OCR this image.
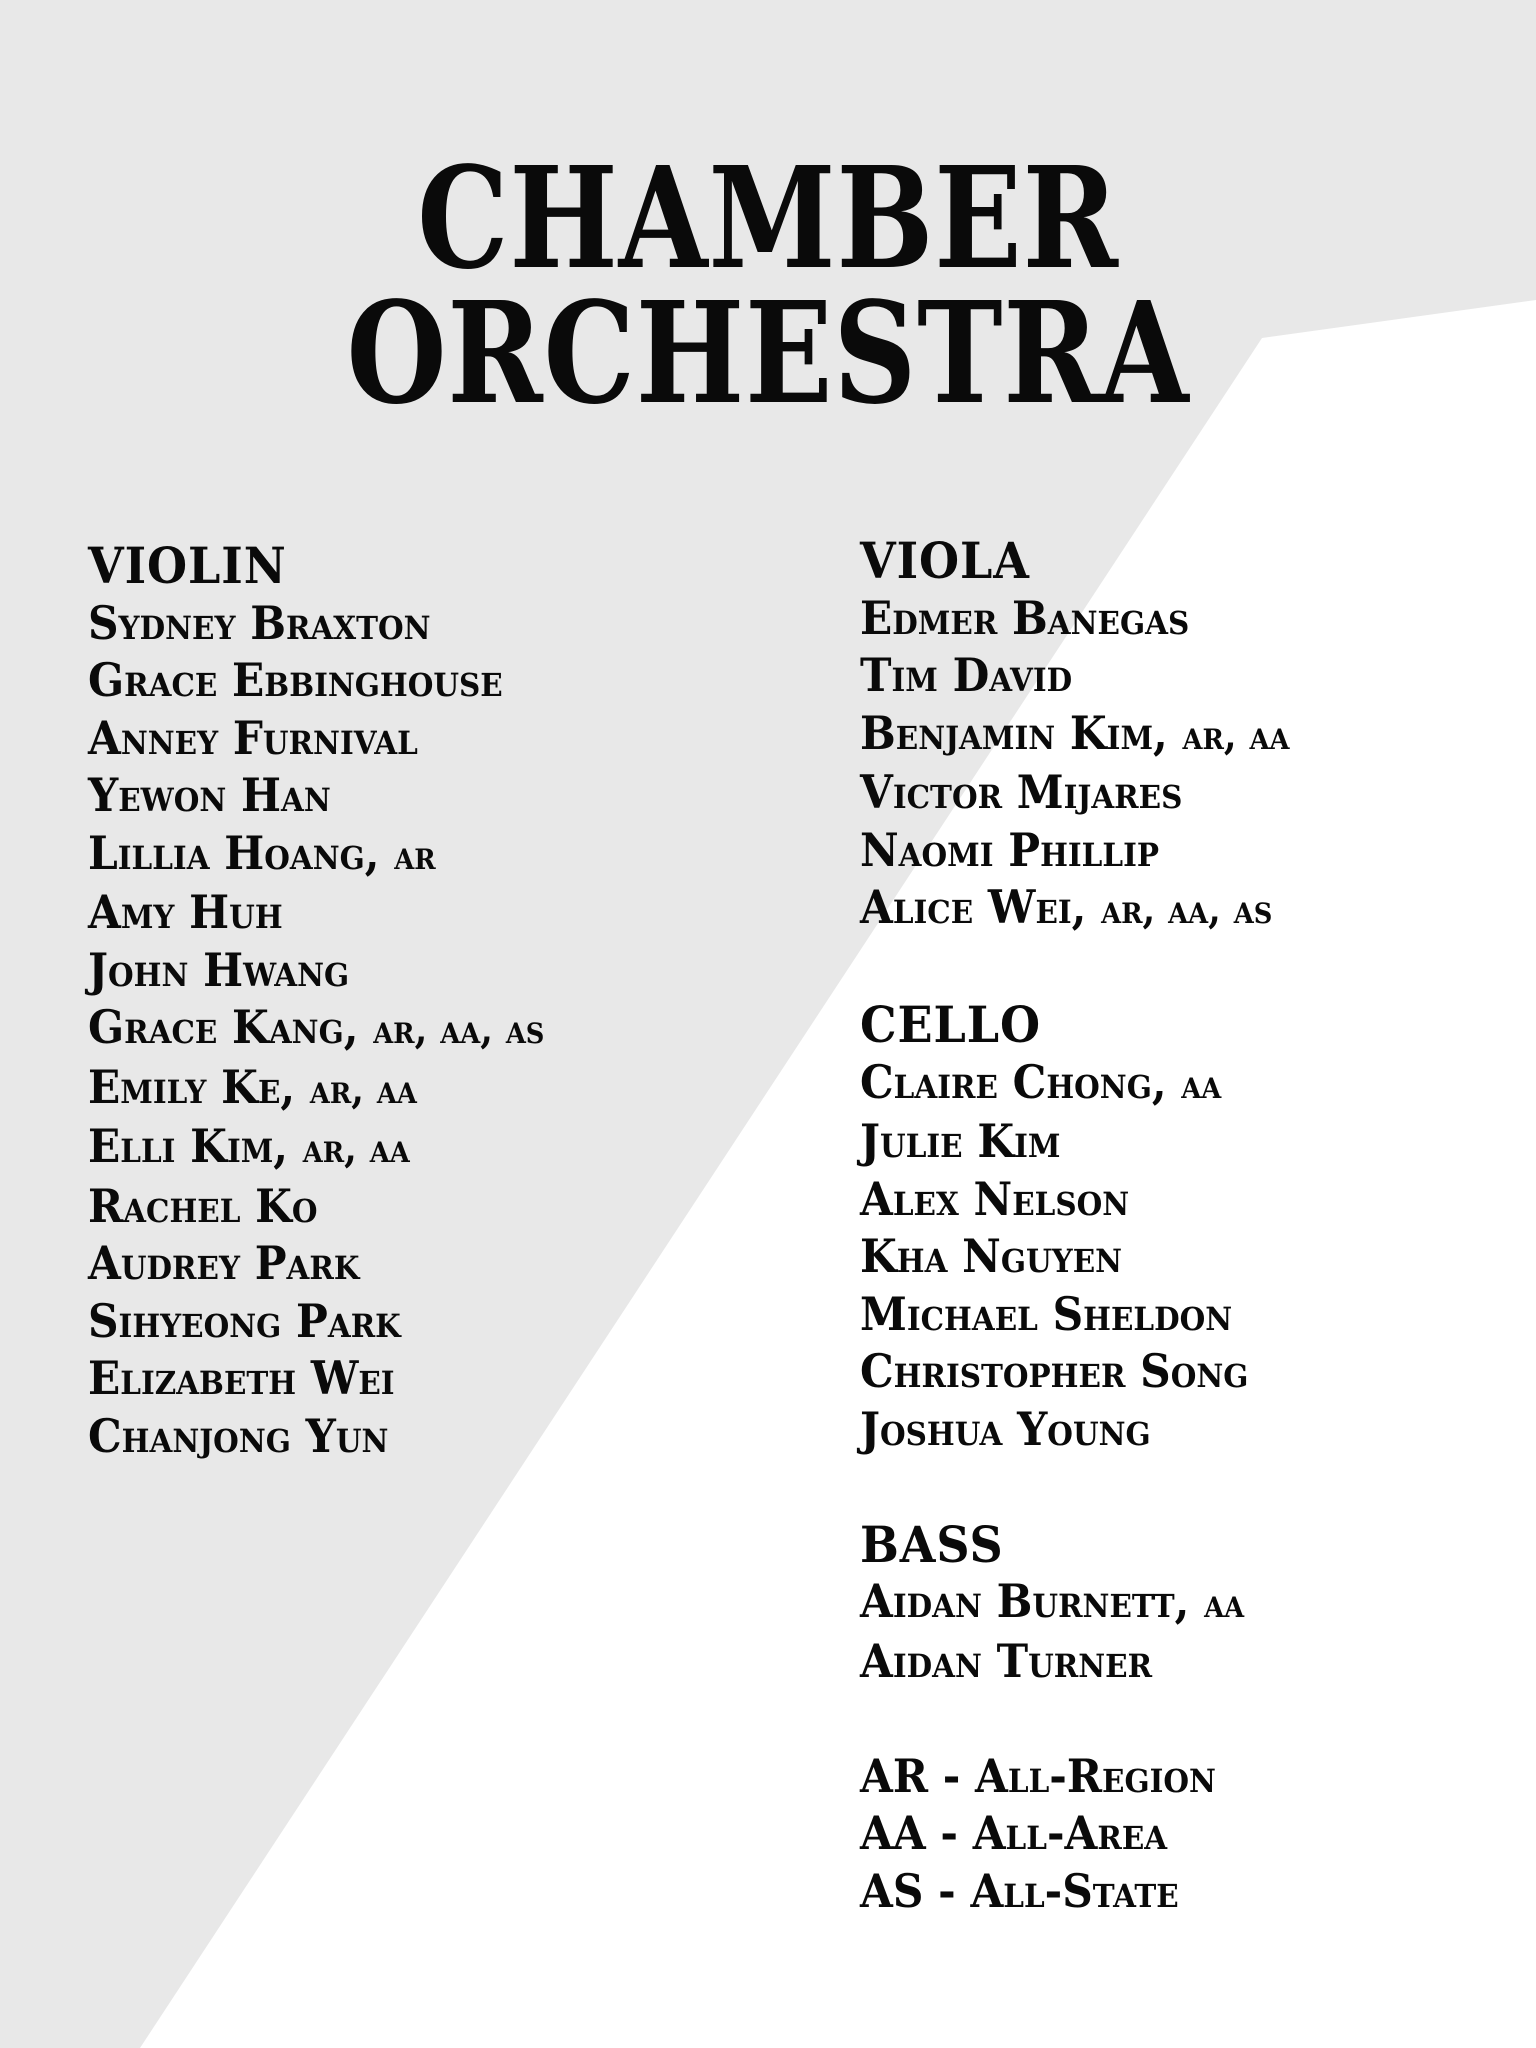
CHAMBER
ORCHESTRA
VIOLIN
Sydney Braxton
Grace Ebbinghouse
Anney Furnival
Yewon Han
Lillia Hoang, ar
Amy Huh
John Hwang
Grace Kang, ar, aa, as
Emily Ke, ar, aa
Elli Kim, ar, aa
Rachel Ko
Audrey Park
Sihyeong Park
Elizabeth Wei
Chanjong Yun
VIOLA
Edmer Banegas
Tim David
Benjamin Kim, ar, aa
Victor Mijares
Naomi Phillip
Alice Wei, ar, aa, as
CELLO
Claire Chong, aa
Julie Kim
Alex Nelson
Kha Nguyen
Michael Sheldon
Christopher Song
Joshua Young
BASS
Aidan Burnett, aa
Aidan Turner
AR - All-Region
AA - All-Area
AS - All-State
